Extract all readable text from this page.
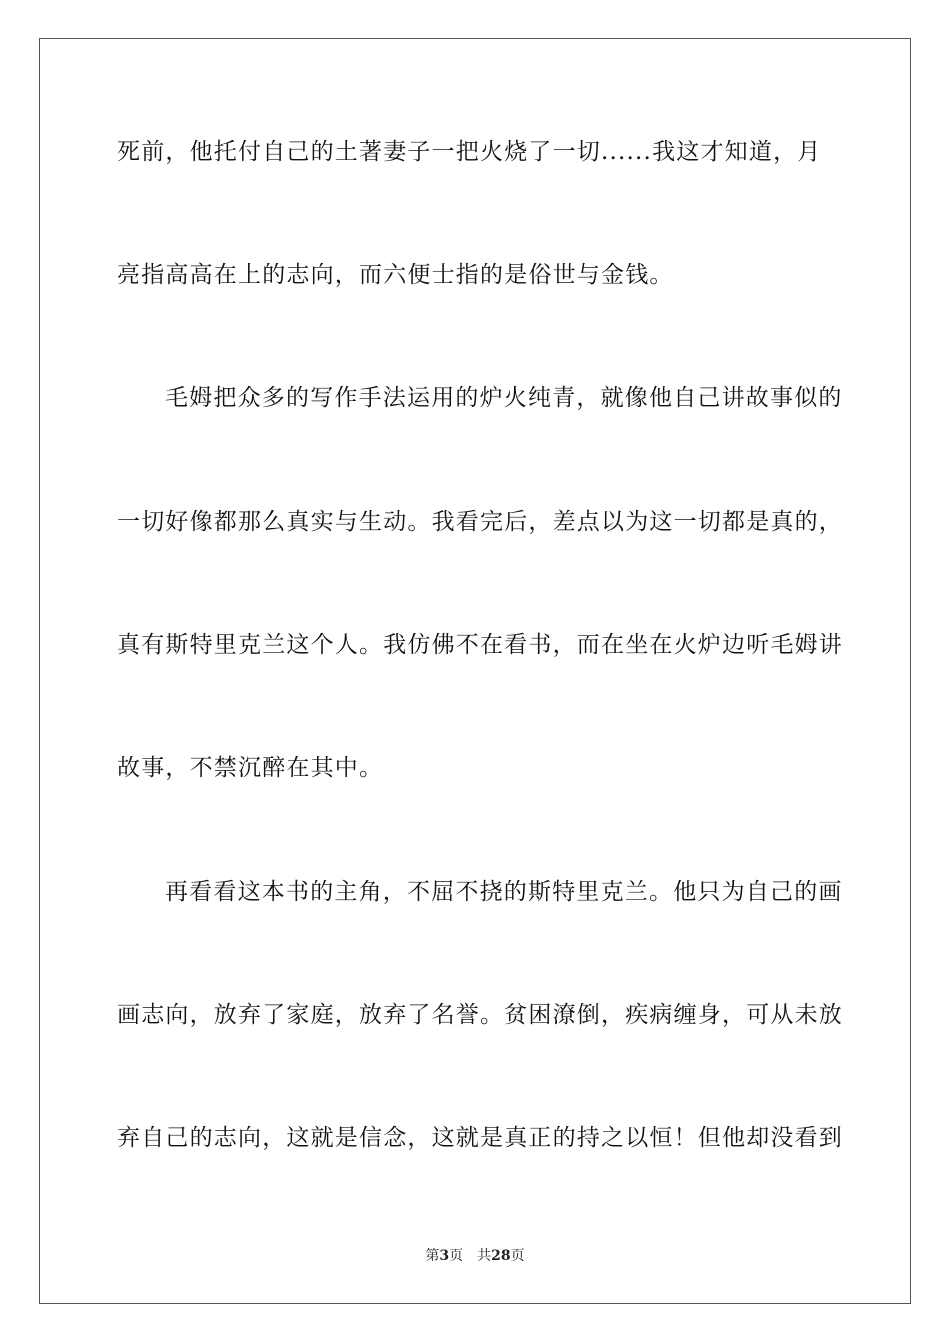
死前，他托付自己的土著妻子一把火烧了一切......我这才知道，月
亮指高高在上的志向，而六便士指的是俗世与金钱。
毛姆把众多的写作手法运用的炉火纯青，就像他自己讲故事似的
一切好像都那么真实与生动。我看完后，差点以为这一切都是真的，
真有斯特里克兰这个人。我仿佛不在看书，而在坐在火炉边听毛姆讲
故事，不禁沉醉在其中。
再看看这本书的主角，不屈不挠的斯特里克兰。他只为自己的画
画志向，放弃了家庭，放弃了名誉。贫困潦倒，疾病缠身，可从未放
弃自己的志向，这就是信念，这就是真正的持之以恒！但他却没看到
第3页 共28页
